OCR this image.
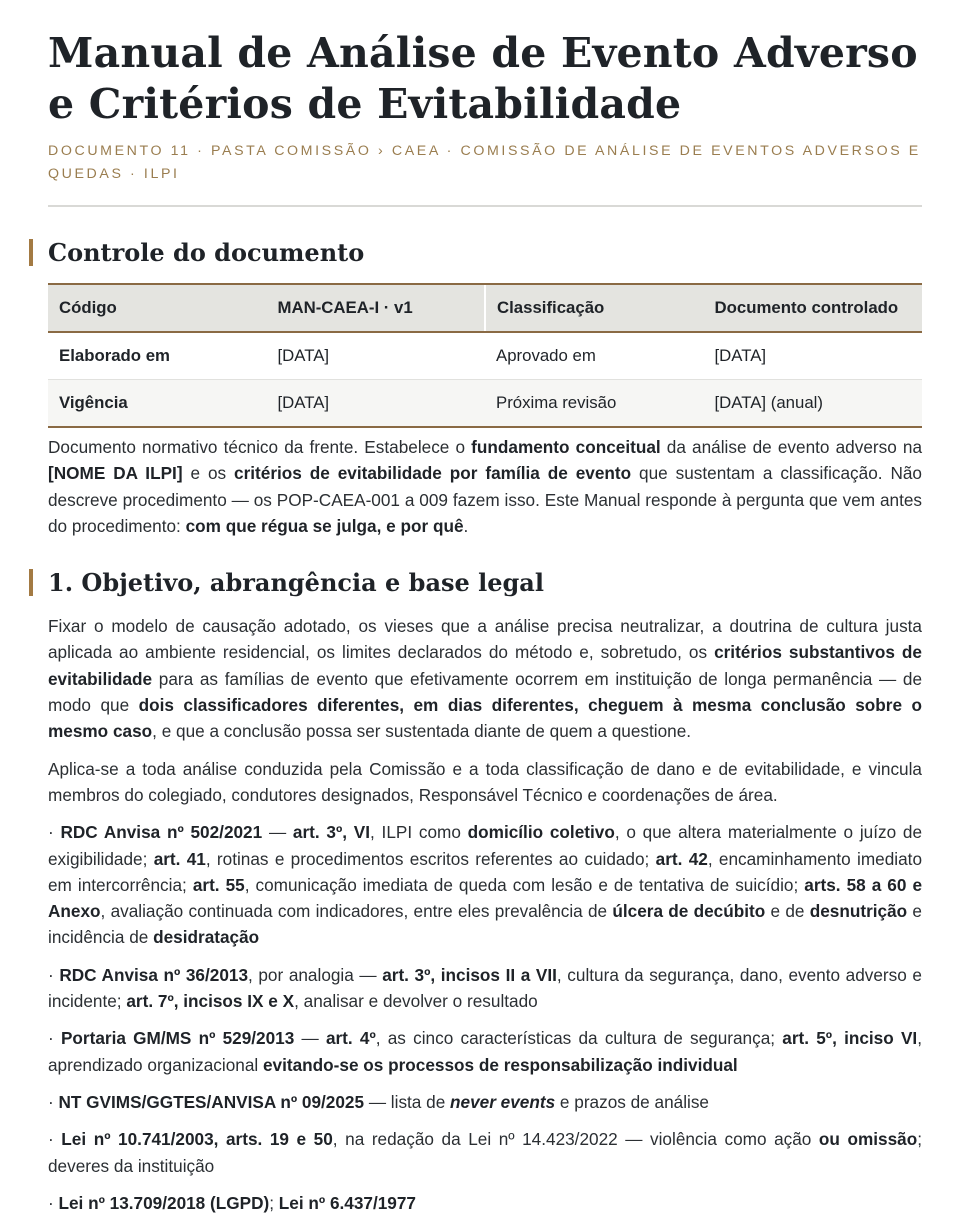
Manual de Análise de Evento Adverso e Critérios de Evitabilidade
DOCUMENTO 11 · PASTA COMISSÃO › CAEA · COMISSÃO DE ANÁLISE DE EVENTOS ADVERSOS E QUEDAS · ILPI
Controle do documento
Código	MAN-CAEA-I · v1	Classificação	Documento controlado
Elaborado em	[DATA]	Aprovado em	[DATA]
Vigência	[DATA]	Próxima revisão	[DATA] (anual)

Documento normativo técnico da frente. Estabelece o fundamento conceitual da análise de evento adverso na [NOME DA ILPI] e os critérios de evitabilidade por família de evento que sustentam a classificação. Não descreve procedimento — os POP-CAEA-001 a 009 fazem isso. Este Manual responde à pergunta que vem antes do procedimento: com que régua se julga, e por quê.

1. Objetivo, abrangência e base legal

Fixar o modelo de causação adotado, os vieses que a análise precisa neutralizar, a doutrina de cultura justa aplicada ao ambiente residencial, os limites declarados do método e, sobretudo, os critérios substantivos de evitabilidade para as famílias de evento que efetivamente ocorrem em instituição de longa permanência — de modo que dois classificadores diferentes, em dias diferentes, cheguem à mesma conclusão sobre o mesmo caso, e que a conclusão possa ser sustentada diante de quem a questione.

Aplica-se a toda análise conduzida pela Comissão e a toda classificação de dano e de evitabilidade, e vincula membros do colegiado, condutores designados, Responsável Técnico e coordenações de área.

· RDC Anvisa nº 502/2021 — art. 3º, VI, ILPI como domicílio coletivo, o que altera materialmente o juízo de exigibilidade; art. 41, rotinas e procedimentos escritos referentes ao cuidado; art. 42, encaminhamento imediato em intercorrência; art. 55, comunicação imediata de queda com lesão e de tentativa de suicídio; arts. 58 a 60 e Anexo, avaliação continuada com indicadores, entre eles prevalência de úlcera de decúbito e de desnutrição e incidência de desidratação

· RDC Anvisa nº 36/2013, por analogia — art. 3º, incisos II a VII, cultura da segurança, dano, evento adverso e incidente; art. 7º, incisos IX e X, analisar e devolver o resultado

· Portaria GM/MS nº 529/2013 — art. 4º, as cinco características da cultura de segurança; art. 5º, inciso VI, aprendizado organizacional evitando-se os processos de responsabilização individual

· NT GVIMS/GGTES/ANVISA nº 09/2025 — lista de never events e prazos de análise

· Lei nº 10.741/2003, arts. 19 e 50, na redação da Lei nº 14.423/2022 — violência como ação ou omissão; deveres da instituição

· Lei nº 13.709/2018 (LGPD); Lei nº 6.437/1977
